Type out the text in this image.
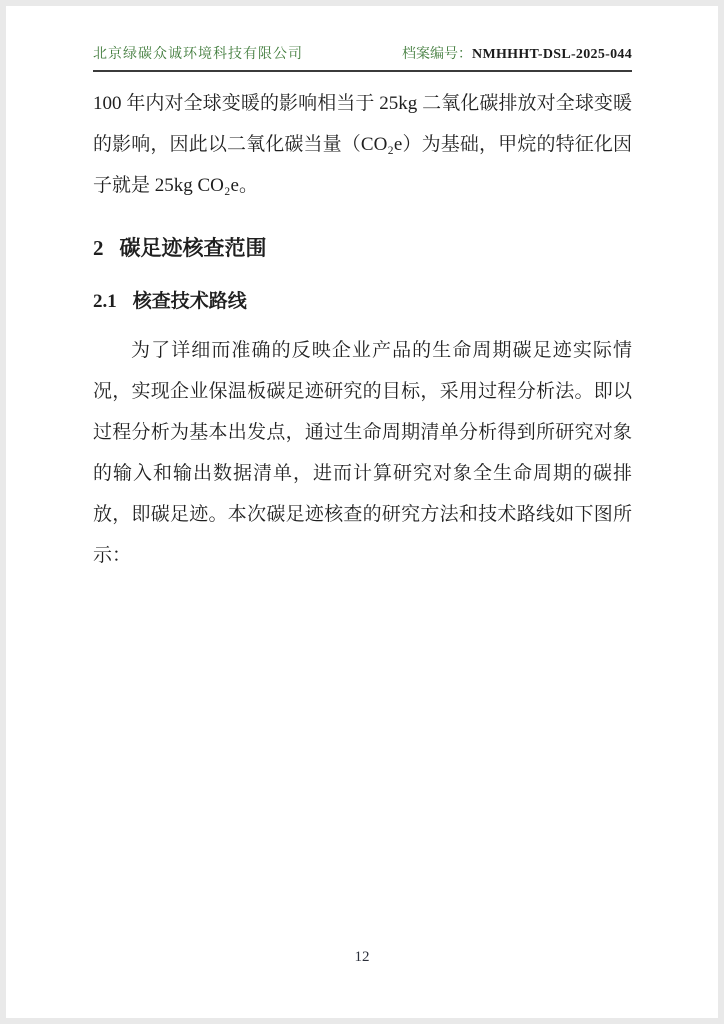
北京绿碳众诚环境科技有限公司	档案编号：NMHHHT-DSL-2025-044

100 年内对全球变暖的影响相当于 25kg 二氧化碳排放对全球变暖的影响，因此以二氧化碳当量（CO₂e）为基础，甲烷的特征化因子就是 25kg CO₂e。

2 碳足迹核查范围
2.1 核查技术路线

为了详细而准确的反映企业产品的生命周期碳足迹实际情况，实现企业保温板碳足迹研究的目标，采用过程分析法。即以过程分析为基本出发点，通过生命周期清单分析得到所研究对象的输入和输出数据清单，进而计算研究对象全生命周期的碳排放，即碳足迹。本次碳足迹核查的研究方法和技术路线如下图所示：

12
